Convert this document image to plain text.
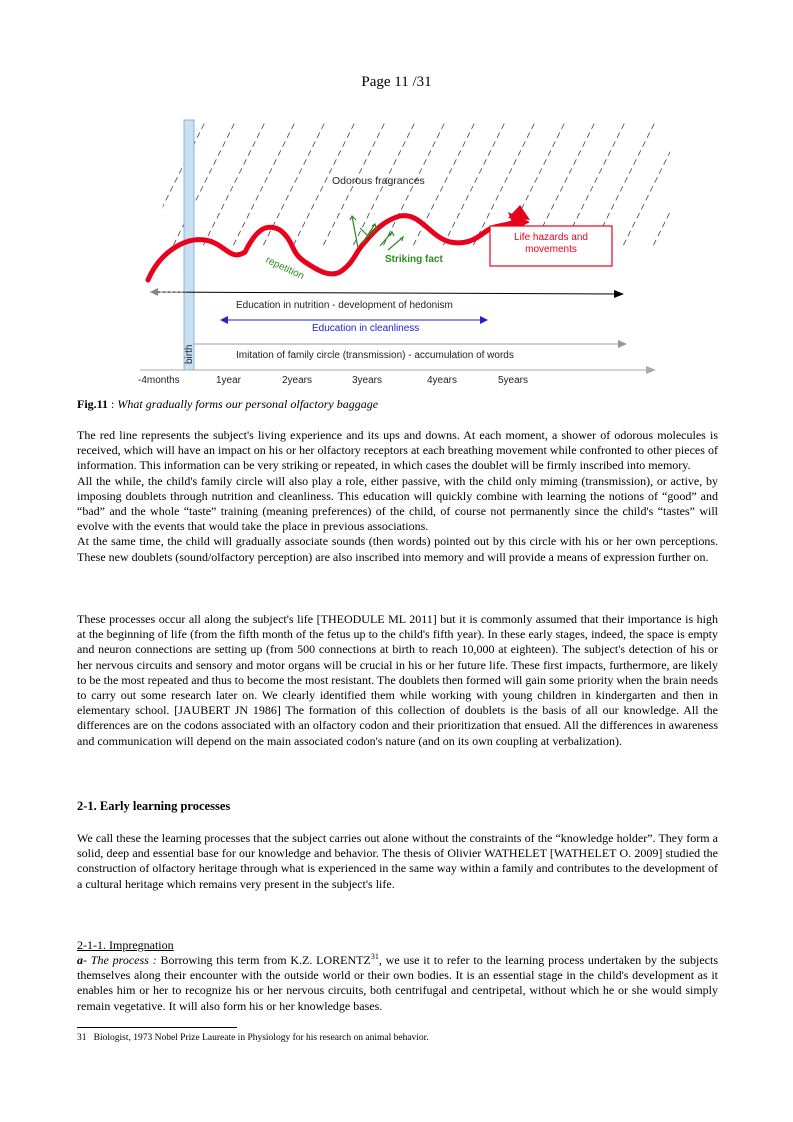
Page 11 /31
birth
Striking fact
repetition
Odorous fragrances
Life hazards and
movements
Education in nutrition - development of hedonism
Education in cleanliness
Imitation of family circle (transmission) - accumulation of words
-4months	1year	2years	3years	4years	5years
Fig.11 : What gradually forms our personal olfactory baggage

The red line represents the subject's living experience and its ups and downs. At each moment, a shower of odorous molecules is received, which will have an impact on his or her olfactory receptors at each breathing movement while confronted to other pieces of information. This information can be very striking or repeated, in which cases the doublet will be firmly inscribed into memory.

All the while, the child's family circle will also play a role, either passive, with the child only miming (transmission), or active, by imposing doublets through nutrition and cleanliness. This education will quickly combine with learning the notions of “good” and “bad” and the whole “taste” training (meaning preferences) of the child, of course not permanently since the child's “tastes” will evolve with the events that would take the place in previous associations.

At the same time, the child will gradually associate sounds (then words) pointed out by this circle with his or her own perceptions. These new doublets (sound/olfactory perception) are also inscribed into memory and will provide a means of expression further on.

These processes occur all along the subject's life [THEODULE ML 2011] but it is commonly assumed that their importance is high at the beginning of life (from the fifth month of the fetus up to the child's fifth year). In these early stages, indeed, the space is empty and neuron connections are setting up (from 500 connections at birth to reach 10,000 at eighteen). The subject's detection of his or her nervous circuits and sensory and motor organs will be crucial in his or her future life. These first impacts, furthermore, are likely to be the most repeated and thus to become the most resistant. The doublets then formed will gain some priority when the brain needs to carry out some research later on. We clearly identified them while working with young children in kindergarten and then in elementary school. [JAUBERT JN 1986] The formation of this collection of doublets is the basis of all our knowledge. All the differences are on the codons associated with an olfactory codon and their prioritization that ensued. All the differences in awareness and communication will depend on the main associated codon's nature (and on its own coupling at verbalization).

2-1. Early learning processes

We call these the learning processes that the subject carries out alone without the constraints of the “knowledge holder”. They form a solid, deep and essential base for our knowledge and behavior. The thesis of Olivier WATHELET [WATHELET O. 2009] studied the construction of olfactory heritage through what is experienced in the same way within a family and contributes to the development of a cultural heritage which remains very present in the subject's life.

2-1-1. Impregnation

a- The process : Borrowing this term from K.Z. LORENTZ$^{31}$, we use it to refer to the learning process undertaken by the subjects themselves along their encounter with the outside world or their own bodies. It is an essential stage in the child's development as it enables him or her to recognize his or her nervous circuits, both centrifugal and centripetal, without which he or she would simply remain vegetative. It will also form his or her knowledge bases.

31 Biologist, 1973 Nobel Prize Laureate in Physiology for his research on animal behavior.
